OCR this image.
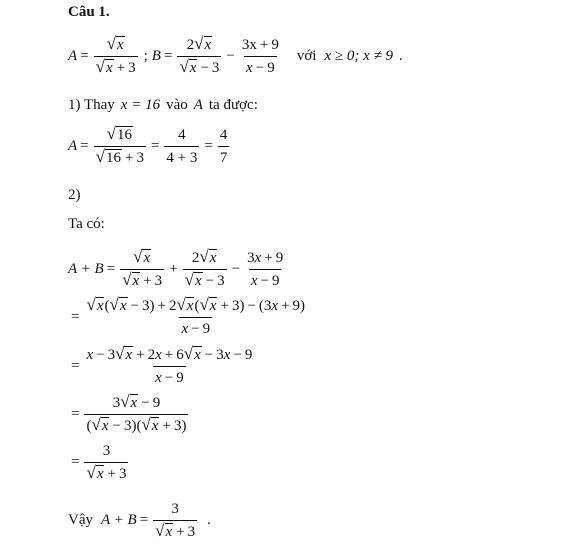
Câu 1.
$A = \frac{√ x}{√ x + 3}$ ; $B = \frac{2 √ x}{√ x - 3} - \frac{3x + 9}{x - 9}$ với x ≥ 0; x ≠ 9 .
1) Thay x = 16 vào A ta được:
$A = \frac{√ 16}{√ 16 + 3} = \frac{4}{4 + 3} = \frac{4}{7}$
2)
Ta có:
$A + B = \frac{√ x}{√ x + 3} + \frac{2 √ x}{√ x - 3} - \frac{3x + 9}{x - 9}$
= $\frac{√ x ( √ x - 3) + 2 √ x ( √ x + 3) - (3x + 9)}{x - 9}$
= $\frac{x - 3 √ x + 2x + 6 √ x - 3x - 9}{x - 9}$
= $\frac{3 √ x - 9}{( √ x - 3)( √ x + 3)}$
= $\frac{3}{√ x + 3}$
Vậy $A + B = \frac{3}{√ x + 3}$ .
